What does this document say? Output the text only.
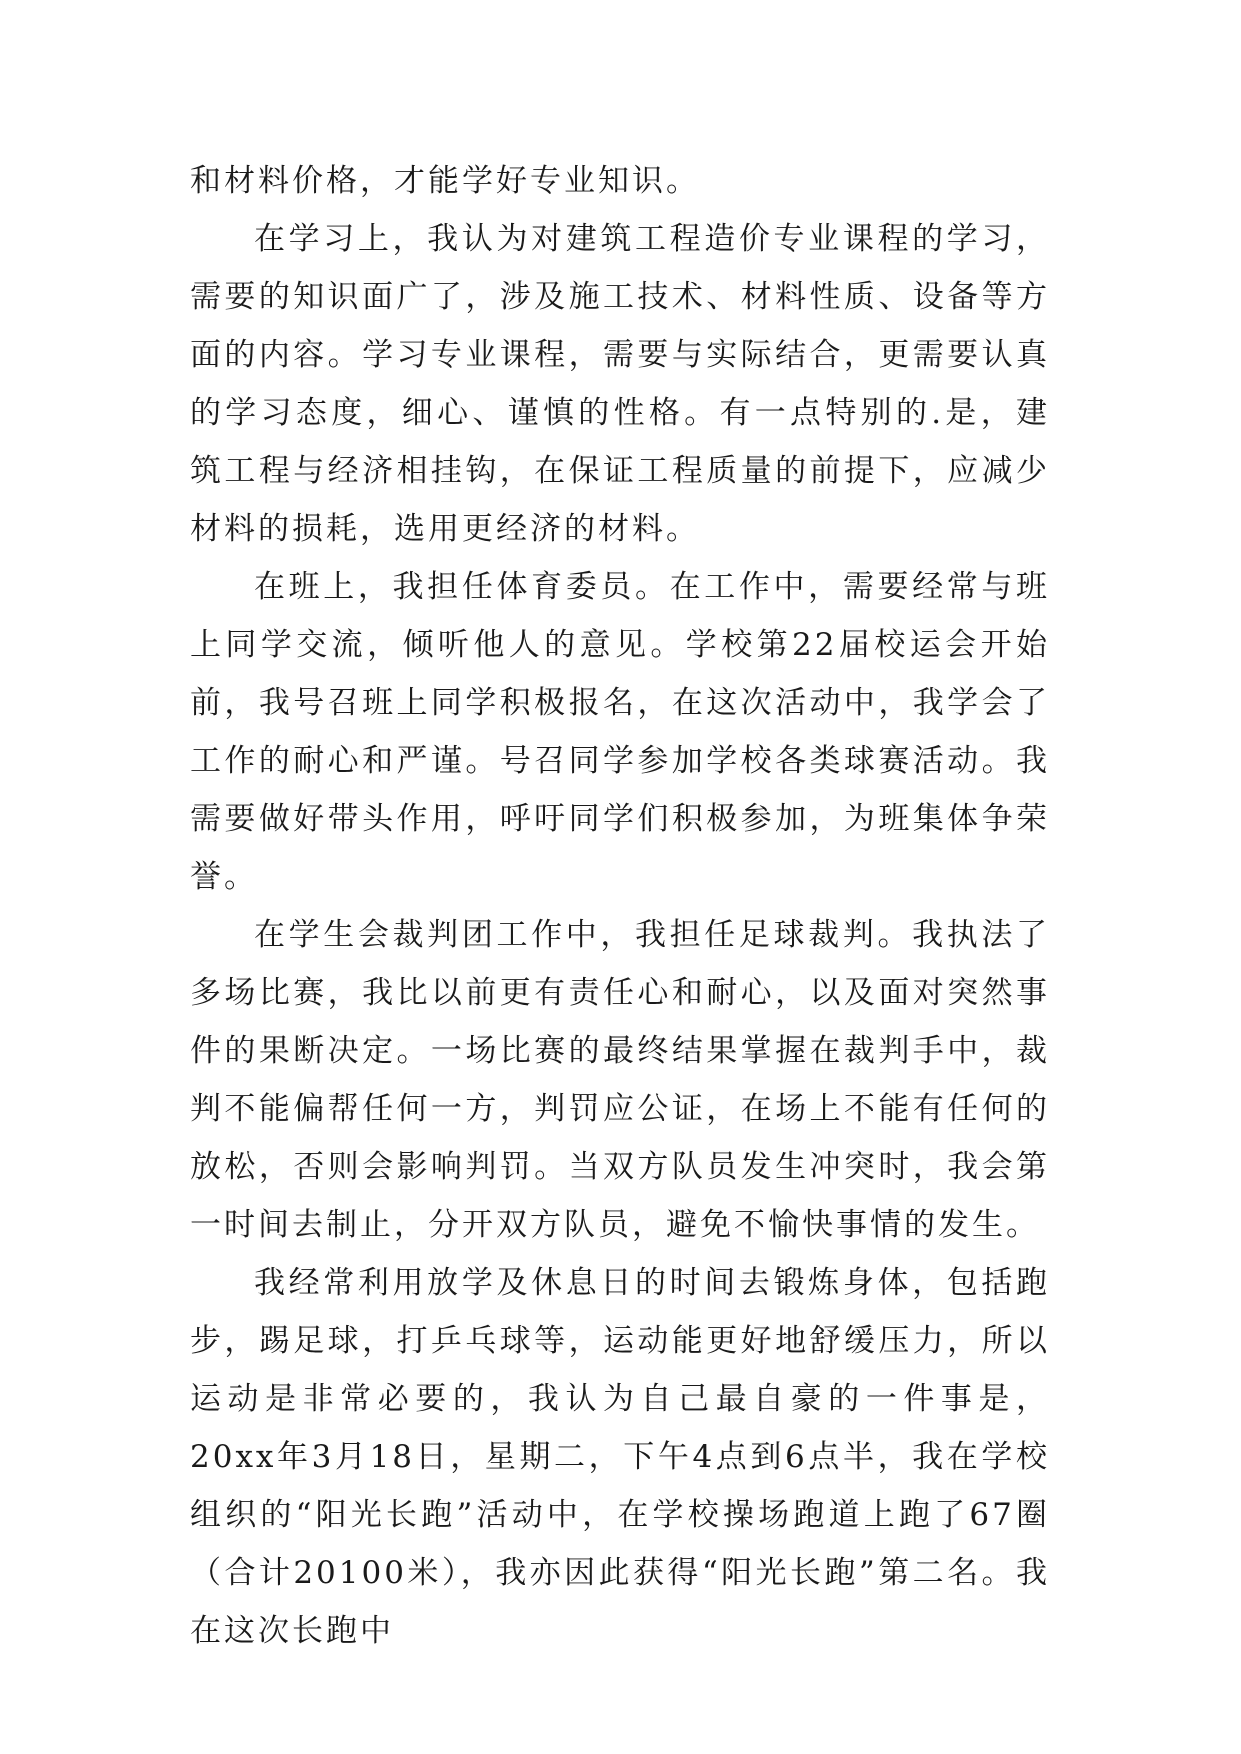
和材料价格，才能学好专业知识。

在学习上，我认为对建筑工程造价专业课程的学习，需要的知识面广了，涉及施工技术、材料性质、设备等方面的内容。学习专业课程，需要与实际结合，更需要认真的学习态度，细心、谨慎的性格。有一点特别的.是，建筑工程与经济相挂钩，在保证工程质量的前提下，应减少材料的损耗，选用更经济的材料。

在班上，我担任体育委员。在工作中，需要经常与班上同学交流，倾听他人的意见。学校第22届校运会开始前，我号召班上同学积极报名，在这次活动中，我学会了工作的耐心和严谨。号召同学参加学校各类球赛活动。我需要做好带头作用，呼吁同学们积极参加，为班集体争荣誉。

在学生会裁判团工作中，我担任足球裁判。我执法了多场比赛，我比以前更有责任心和耐心，以及面对突然事件的果断决定。一场比赛的最终结果掌握在裁判手中，裁判不能偏帮任何一方，判罚应公证，在场上不能有任何的放松，否则会影响判罚。当双方队员发生冲突时，我会第一时间去制止，分开双方队员，避免不愉快事情的发生。

我经常利用放学及休息日的时间去锻炼身体，包括跑步，踢足球，打乒乓球等，运动能更好地舒缓压力，所以运动是非常必要的，我认为自己最自豪的一件事是，20xx年3月18日，星期二，下午4点到6点半，我在学校组织的“阳光长跑”活动中，在学校操场跑道上跑了67圈（合计20100米），我亦因此获得“阳光长跑”第二名。我在这次长跑中
